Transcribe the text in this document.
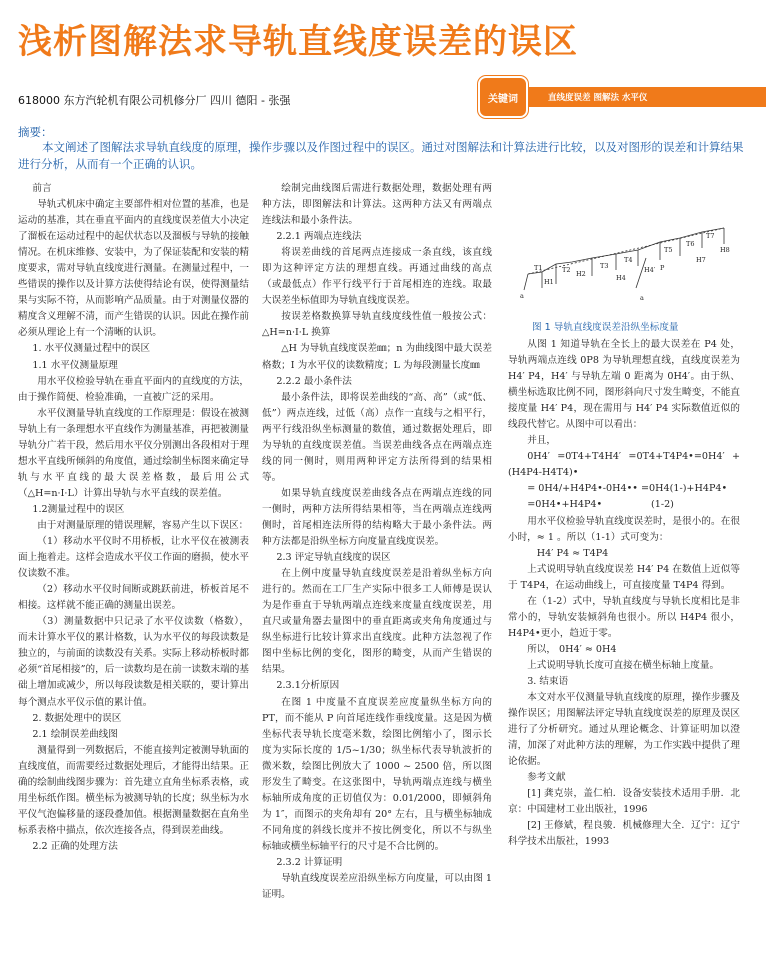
浅析图解法求导轨直线度误差的误区
618000 东方汽轮机有限公司机修分厂 四川 德阳 - 张强	关键词	直线度误差 图解法 水平仪
摘要：
本文阐述了图解法求导轨直线度的原理，操作步骤以及作图过程中的误区。通过对图解法和计算法进行比较，以及对图形的误差和计算结果进行分析，从而有一个正确的认识。

前言

导轨式机床中确定主要部件相对位置的基准，也是运动的基准，其在垂直平面内的直线度误差值大小决定了溜板在运动过程中的起伏状态以及溜板与导轨的接触情况。在机床维修、安装中，为了保证装配和安装的精度要求，需对导轨直线度进行测量。在测量过程中，一些错误的操作以及计算方法使得结论有误，使得测量结果与实际不符，从而影响产品质量。由于对测量仪器的精度含义理解不清，而产生错误的认识。因此在操作前必须从理论上有一个清晰的认识。

1. 水平仪测量过程中的误区

1.1 水平仪测量原理

用水平仪检验导轨在垂直平面内的直线度的方法，由于操作简便、检验准确，一直被广泛的采用。

水平仪测量导轨直线度的工作原理是：假设在被测导轨上有一条理想水平直线作为测量基准，再把被测量导轨分广若干段，然后用水平仪分别测出各段相对于理想水平直线所倾斜的角度值，通过绘制坐标图来确定导轨与水平直线的最大误差格数，最后用公式（△H=n·I·L）计算出导轨与水平直线的误差值。

1.2测量过程中的误区

由于对测量原理的错误理解，容易产生以下误区：

（1）移动水平仪时不用桥板，让水平仪在被测表面上拖着走。这样会造成水平仪工作面的磨损，使水平仪读数不准。

（2）移动水平仪时间断或跳跃前进，桥板首尾不相接。这样就不能正确的测量出误差。

（3）测量数据中只记录了水平仪读数（格数），而未计算水平仪的累计格数，认为水平仪的每段读数是独立的，与前面的读数没有关系。实际上移动桥板时都必须“首尾相接”的，后一读数均是在前一读数末端的基础上增加或减少，所以每段读数是相关联的，要计算出每个测点水平仪示值的累计值。

2. 数据处理中的误区

2.1 绘制误差曲线图

测量得到一列数据后，不能直接判定被测导轨面的直线度值，而需要经过数据处理后，才能得出结果。正确的绘制曲线图步骤为：首先建立直角坐标系表格，或用坐标纸作图。横坐标为被测导轨的长度；纵坐标为水平仪气泡偏移量的逐段叠加值。根据测量数据在直角坐标系表格中描点，依次连接各点，得到误差曲线。

2.2 正确的处理方法

绘制完曲线图后需进行数据处理，数据处理有两种方法，即图解法和计算法。这两种方法又有两端点连线法和最小条件法。

2.2.1 两端点连线法

将误差曲线的首尾两点连接成一条直线，该直线即为这种评定方法的理想直线。再通过曲线的高点（或最低点）作平行线平行于首尾相连的连线。取最大误差坐标值即为导轨直线度误差。

按误差格数换算导轨直线度线性值一般按公式：△H=n·I·L 换算

△H 为导轨直线度误差㎜；n 为曲线图中最大误差格数；I 为水平仪的读数精度；L 为每段测量长度㎜

2.2.2 最小条件法

最小条件法，即将误差曲线的“高、高”（或“低、低”）两点连线，过低（高）点作一直线与之相平行，两平行线沿纵坐标测量的数值，通过数据处理后，即为导轨的直线度误差值。当误差曲线各点在两端点连线的同一侧时，则用两种评定方法所得到的结果相等。

如果导轨直线度误差曲线各点在两端点连线的同一侧时，两种方法所得结果相等，当在两端点连线两侧时，首尾相连法所得的结构略大于最小条件法。两种方法都是沿纵坐标方向度量直线度误差。

2.3 评定导轨直线度的误区

在上例中度量导轨直线度误差是沿着纵坐标方向进行的。然而在工厂生产实际中很多工人师傅是误认为是作垂直于导轨两端点连线来度量直线度误差，用直尺或量角器去量图中的垂直距离或夹角角度通过与纵坐标进行比较计算求出直线度。此种方法忽视了作图中坐标比例的变化，图形的畸变，从而产生错误的结果。

2.3.1分析原因

在图 1 中度量不直度误差应度量纵坐标方向的 PT，而不能从 P 向首尾连线作垂线度量。这是因为横坐标代表导轨长度毫米数，绘图比例缩小了，图示长度为实际长度的 1/5~1/30；纵坐标代表导轨波折的微米数，绘图比例放大了 1000 ~ 2500 倍，所以图形发生了畸变。在这张图中，导轨两端点连线与横坐标轴所成角度的正切值仅为：0.01/2000，即倾斜角为 1″，而图示的夹角却有 20° 左右，且与横坐标轴成不同角度的斜线长度并不按比例变化，所以不与纵坐标轴或横坐标轴平行的尺寸是不合比例的。

2.3.2 计算证明

导轨直线度误差应沿纵坐标方向度量，可以由图 1 证明。

T1
H1
T2 H2
T3
T4
H4
H4′
T5
T6
T7
H7
H8
P
a	a
图 1 导轨直线度误差沿纵坐标度量

从图 1 知道导轨在全长上的最大误差在 P4 处，导轨两端点连线 0P8 为导轨理想直线，直线度误差为 H4′ P4，H4′ 与导轨左端 0 距离为 0H4′。由于纵、横坐标选取比例不同，图形斜向尺寸发生畸变，不能直接度量 H4′ P4，现在需用与 H4′ P4 实际数值近似的线段代替它。从图中可以看出：

并且，

0H4′ =0T4+T4H4′ =0T4+T4P4•=0H4′ +(H4P4-H4T4)•

= 0H4/+H4P4•-0H4•• =0H4(1-)+H4P4•

=0H4•+H4P4•                (1-2)

用水平仪检验导轨直线度误差时，是很小的。在很小时，≈ 1 。所以（1-1）式可变为：

H4′ P4 ≈ T4P4

上式说明导轨直线度误差 H4′ P4 在数值上近似等于 T4P4，在运动曲线上，可直接度量 T4P4 得到。

在（1-2）式中，导轨直线度与导轨长度相比是非常小的，导轨安装倾斜角也很小。所以 H4P4 很小，H4P4•更小，趋近于零。

所以， 0H4′ ≈ 0H4

上式说明导轨长度可直接在横坐标轴上度量。

3. 结束语

本文对水平仪测量导轨直线度的原理，操作步骤及操作误区；用图解法评定导轨直线度误差的原理及误区进行了分析研究。通过从理论概念、计算证明加以澄清，加深了对此种方法的理解，为工作实践中提供了理论依据。

参考文献

[1] 龚克崇，盖仁柏．设备安装技术适用手册．北京：中国建材工业出版社，1996

[2] 王修斌，程良骏．机械修理大全．辽宁：辽宁科学技术出版社，1993
